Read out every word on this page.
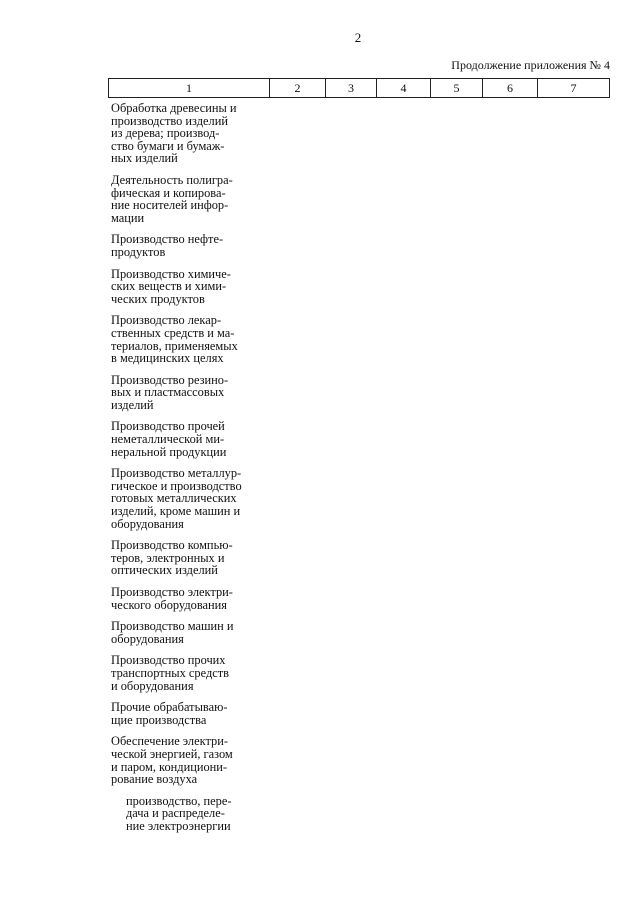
2
Продолжение приложения № 4
1	2	3	4	5	6	7
Обработка древесины и
производство изделий
из дерева; производ-
ство бумаги и бумаж-
ных изделий
Деятельность полигра-
фическая и копирова-
ние носителей инфор-
мации
Производство нефте-
продуктов
Производство химиче-
ских веществ и хими-
ческих продуктов
Производство лекар-
ственных средств и ма-
териалов, применяемых
в медицинских целях
Производство резино-
вых и пластмассовых
изделий
Производство прочей
неметаллической ми-
неральной продукции
Производство металлур-
гическое и производство
готовых металлических
изделий, кроме машин и
оборудования
Производство компью-
теров, электронных и
оптических изделий
Производство электри-
ческого оборудования
Производство машин и
оборудования
Производство прочих
транспортных средств
и оборудования
Прочие обрабатываю-
щие производства
Обеспечение электри-
ческой энергией, газом
и паром, кондициони-
рование воздуха
производство, пере-
дача и распределе-
ние электроэнергии
